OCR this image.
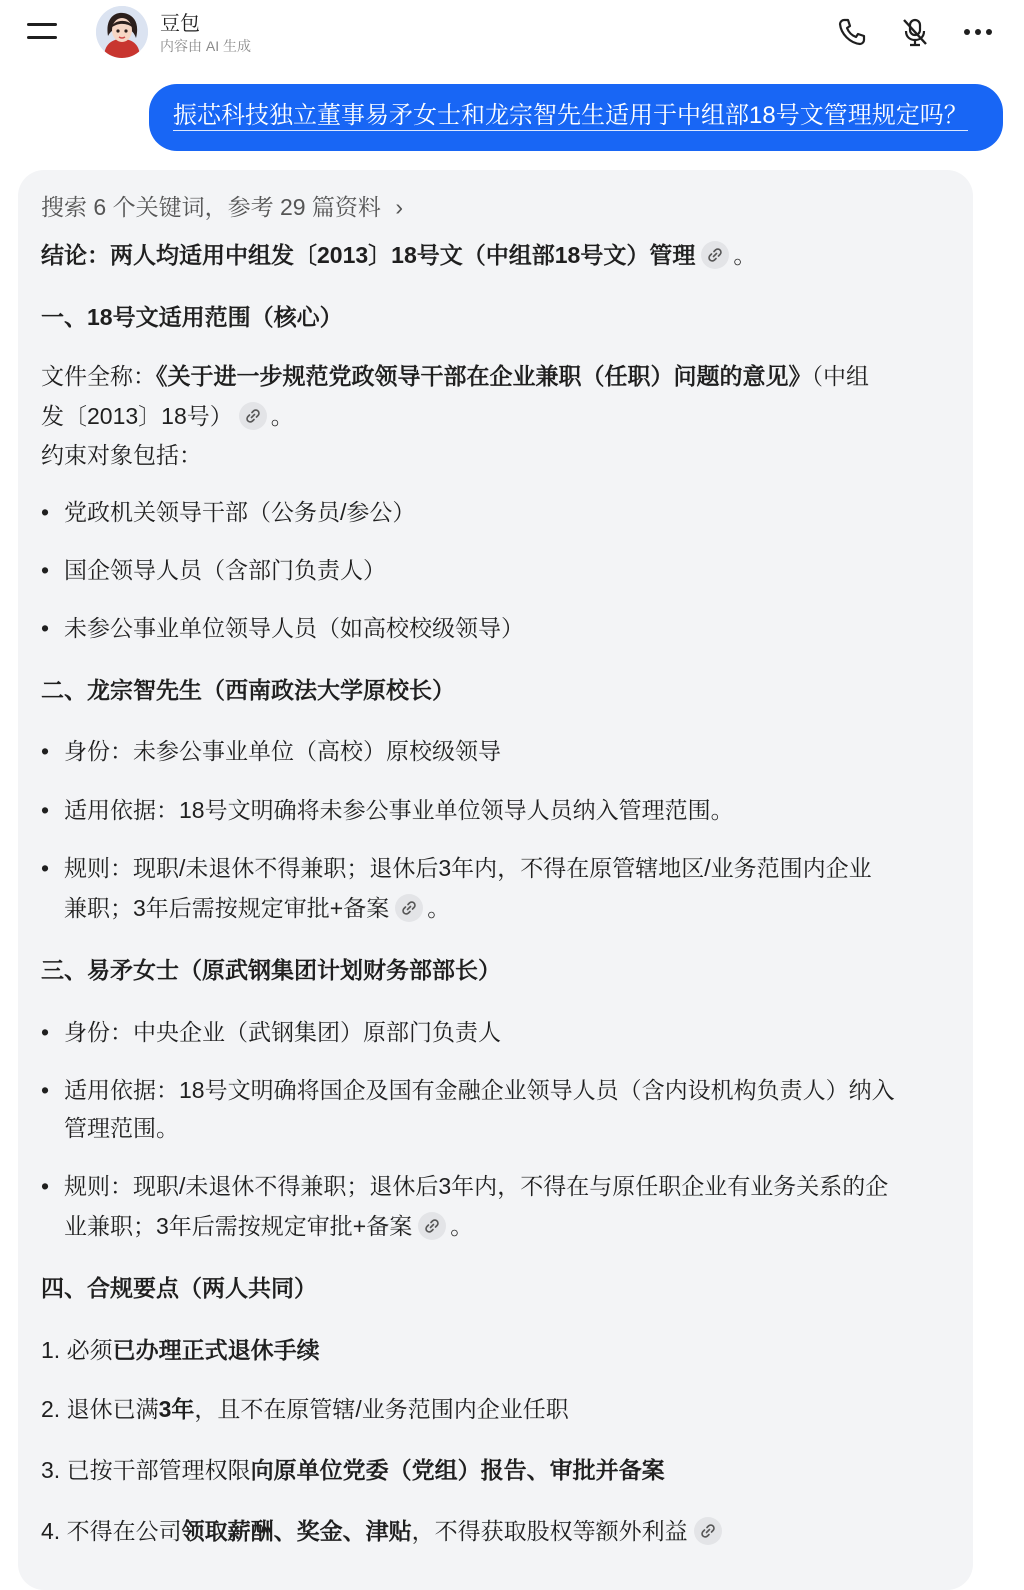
豆包
内容由 AI 生成
振芯科技独立董事易矛女士和龙宗智先生适用于中组部18号文管理规定吗？
搜索 6 个关键词，参考 29 篇资料 ›
结论：两人均适用中组发〔2013〕18号文（中组部18号文）管理 。
一、18号文适用范围（核心）
文件全称：《关于进一步规范党政领导干部在企业兼职（任职）问题的意见》（中组
发〔2013〕18号） 。
约束对象包括：
• 党政机关领导干部（公务员/参公）
• 国企领导人员（含部门负责人）
• 未参公事业单位领导人员（如高校校级领导）
二、龙宗智先生（西南政法大学原校长）
• 身份：未参公事业单位（高校）原校级领导
• 适用依据：18号文明确将未参公事业单位领导人员纳入管理范围。
• 规则：现职/未退休不得兼职；退休后3年内，不得在原管辖地区/业务范围内企业
兼职；3年后需按规定审批+备案 。
三、易矛女士（原武钢集团计划财务部部长）
• 身份：中央企业（武钢集团）原部门负责人
• 适用依据：18号文明确将国企及国有金融企业领导人员（含内设机构负责人）纳入
管理范围。
• 规则：现职/未退休不得兼职；退休后3年内，不得在与原任职企业有业务关系的企
业兼职；3年后需按规定审批+备案 。
四、合规要点（两人共同）
1. 必须已办理正式退休手续
2. 退休已满3年，且不在原管辖/业务范围内企业任职
3. 已按干部管理权限向原单位党委（党组）报告、审批并备案
4. 不得在公司领取薪酬、奖金、津贴，不得获取股权等额外利益
